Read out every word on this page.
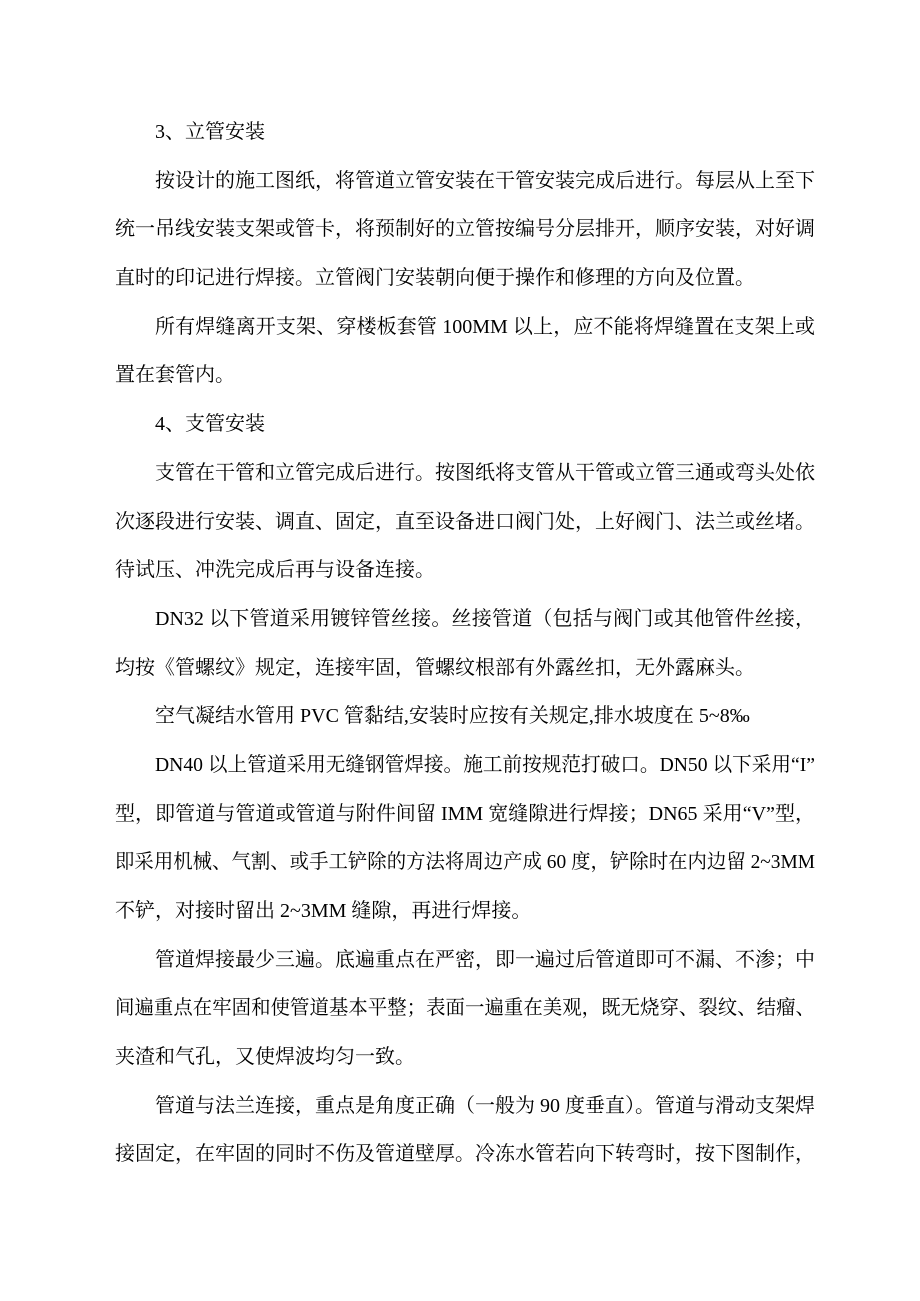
3、立管安装
按设计的施工图纸，将管道立管安装在干管安装完成后进行。每层从上至下
统一吊线安装支架或管卡，将预制好的立管按编号分层排开，顺序安装，对好调
直时的印记进行焊接。立管阀门安装朝向便于操作和修理的方向及位置。
所有焊缝离开支架、穿楼板套管 100MM 以上，应不能将焊缝置在支架上或
置在套管内。
4、支管安装
支管在干管和立管完成后进行。按图纸将支管从干管或立管三通或弯头处依
次逐段进行安装、调直、固定，直至设备进口阀门处，上好阀门、法兰或丝堵。
待试压、冲洗完成后再与设备连接。
DN32 以下管道采用镀锌管丝接。丝接管道（包括与阀门或其他管件丝接，
均按《管螺纹》规定，连接牢固，管螺纹根部有外露丝扣，无外露麻头。
空气凝结水管用 PVC 管黏结,安装时应按有关规定,排水坡度在 5~8‰
DN40 以上管道采用无缝钢管焊接。施工前按规范打破口。DN50 以下采用“I”
型，即管道与管道或管道与附件间留 IMM 宽缝隙进行焊接；DN65 采用“V”型，
即采用机械、气割、或手工铲除的方法将周边产成 60 度，铲除时在内边留 2~3MM
不铲，对接时留出 2~3MM 缝隙，再进行焊接。
管道焊接最少三遍。底遍重点在严密，即一遍过后管道即可不漏、不渗；中
间遍重点在牢固和使管道基本平整；表面一遍重在美观，既无烧穿、裂纹、结瘤、
夹渣和气孔，又使焊波均匀一致。
管道与法兰连接，重点是角度正确（一般为 90 度垂直）。管道与滑动支架焊
接固定，在牢固的同时不伤及管道壁厚。冷冻水管若向下转弯时，按下图制作，
